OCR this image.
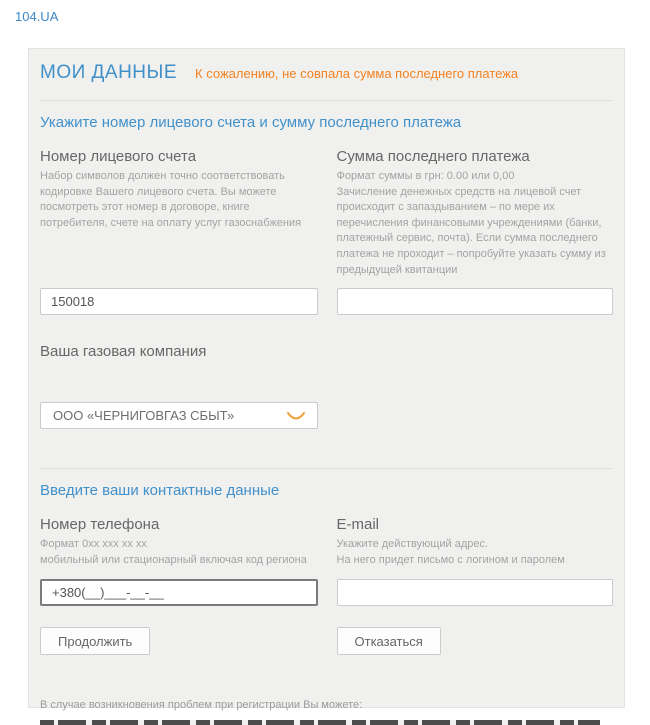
104.UA
МОИ ДАННЫЕ К сожалению, не совпала сумма последнего платежа
Укажите номер лицевого счета и сумму последнего платежа
Номер лицевого счета
Набор символов должен точно соответствовать кодировке Вашего лицевого счета. Вы можете посмотреть этот номер в договоре, книге потребителя, счете на оплату услуг газоснабжения
Сумма последнего платежа
Формат суммы в грн: 0.00 или 0,00
Зачисление денежных средств на лицевой счет происходит с запаздыванием – по мере их перечисления финансовыми учреждениями (банки, платежный сервис, почта). Если сумма последнего платежа не проходит – попробуйте указать сумму из предыдущей квитанции
150018
Ваша газовая компания
ООО «ЧЕРНИГОВГАЗ СБЫТ»
Введите ваши контактные данные
Номер телефона
Формат 0хх ххх хх хх
мобильный или стационарный включая код региона
E-mail
Укажите действующий адрес.
На него придет письмо с логином и паролем
+380(__)___-__-__
Продолжить	Отказаться
В случае возникновения проблем при регистрации Вы можете:
